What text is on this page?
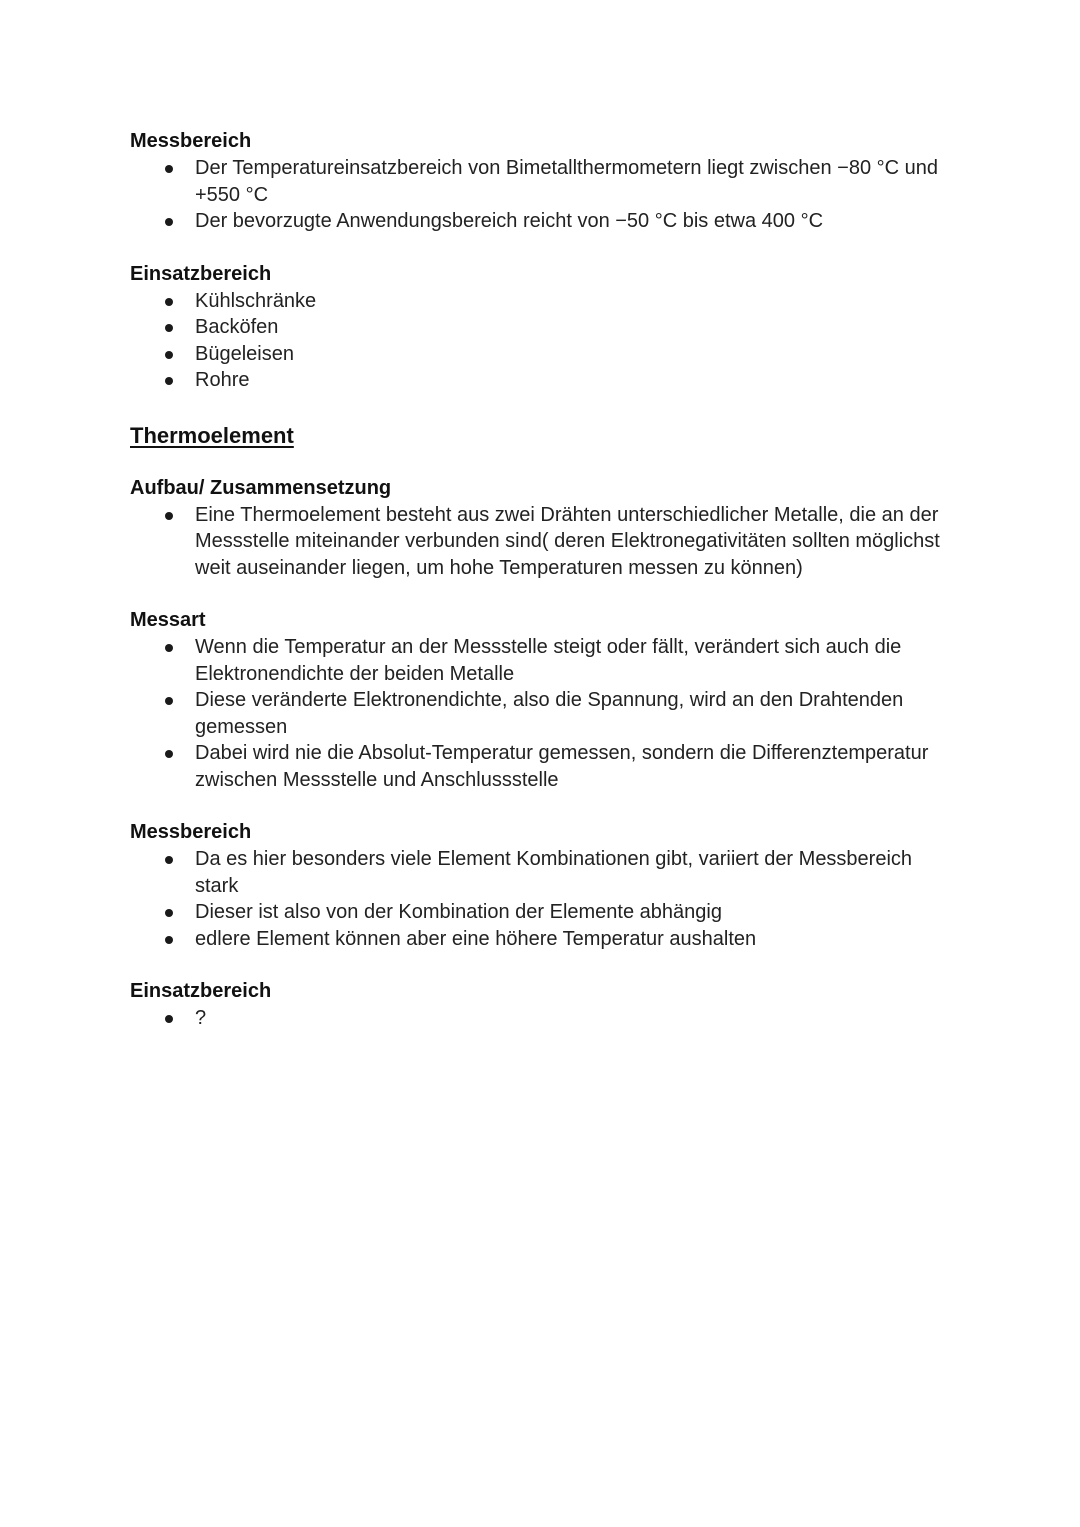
Messbereich
Der Temperatureinsatzbereich von Bimetallthermometern liegt zwischen −80 °C und +550 °C
Der bevorzugte Anwendungsbereich reicht von −50 °C bis etwa 400 °C
Einsatzbereich
Kühlschränke
Backöfen
Bügeleisen
Rohre
Thermoelement
Aufbau/ Zusammensetzung
Eine Thermoelement besteht aus zwei Drähten unterschiedlicher Metalle, die an der Messstelle miteinander verbunden sind( deren Elektronegativitäten sollten möglichst weit auseinander liegen, um hohe Temperaturen messen zu können)
Messart
Wenn die Temperatur an der Messstelle steigt oder fällt, verändert sich auch die Elektronendichte der beiden Metalle
Diese veränderte Elektronendichte, also die Spannung, wird an den Drahtenden gemessen
Dabei wird nie die Absolut-Temperatur gemessen, sondern die Differenztemperatur zwischen Messstelle und Anschlussstelle
Messbereich
Da es hier besonders viele Element Kombinationen gibt, variiert der Messbereich stark
Dieser ist also von der Kombination der Elemente abhängig
edlere Element können aber eine höhere Temperatur aushalten
Einsatzbereich
?
